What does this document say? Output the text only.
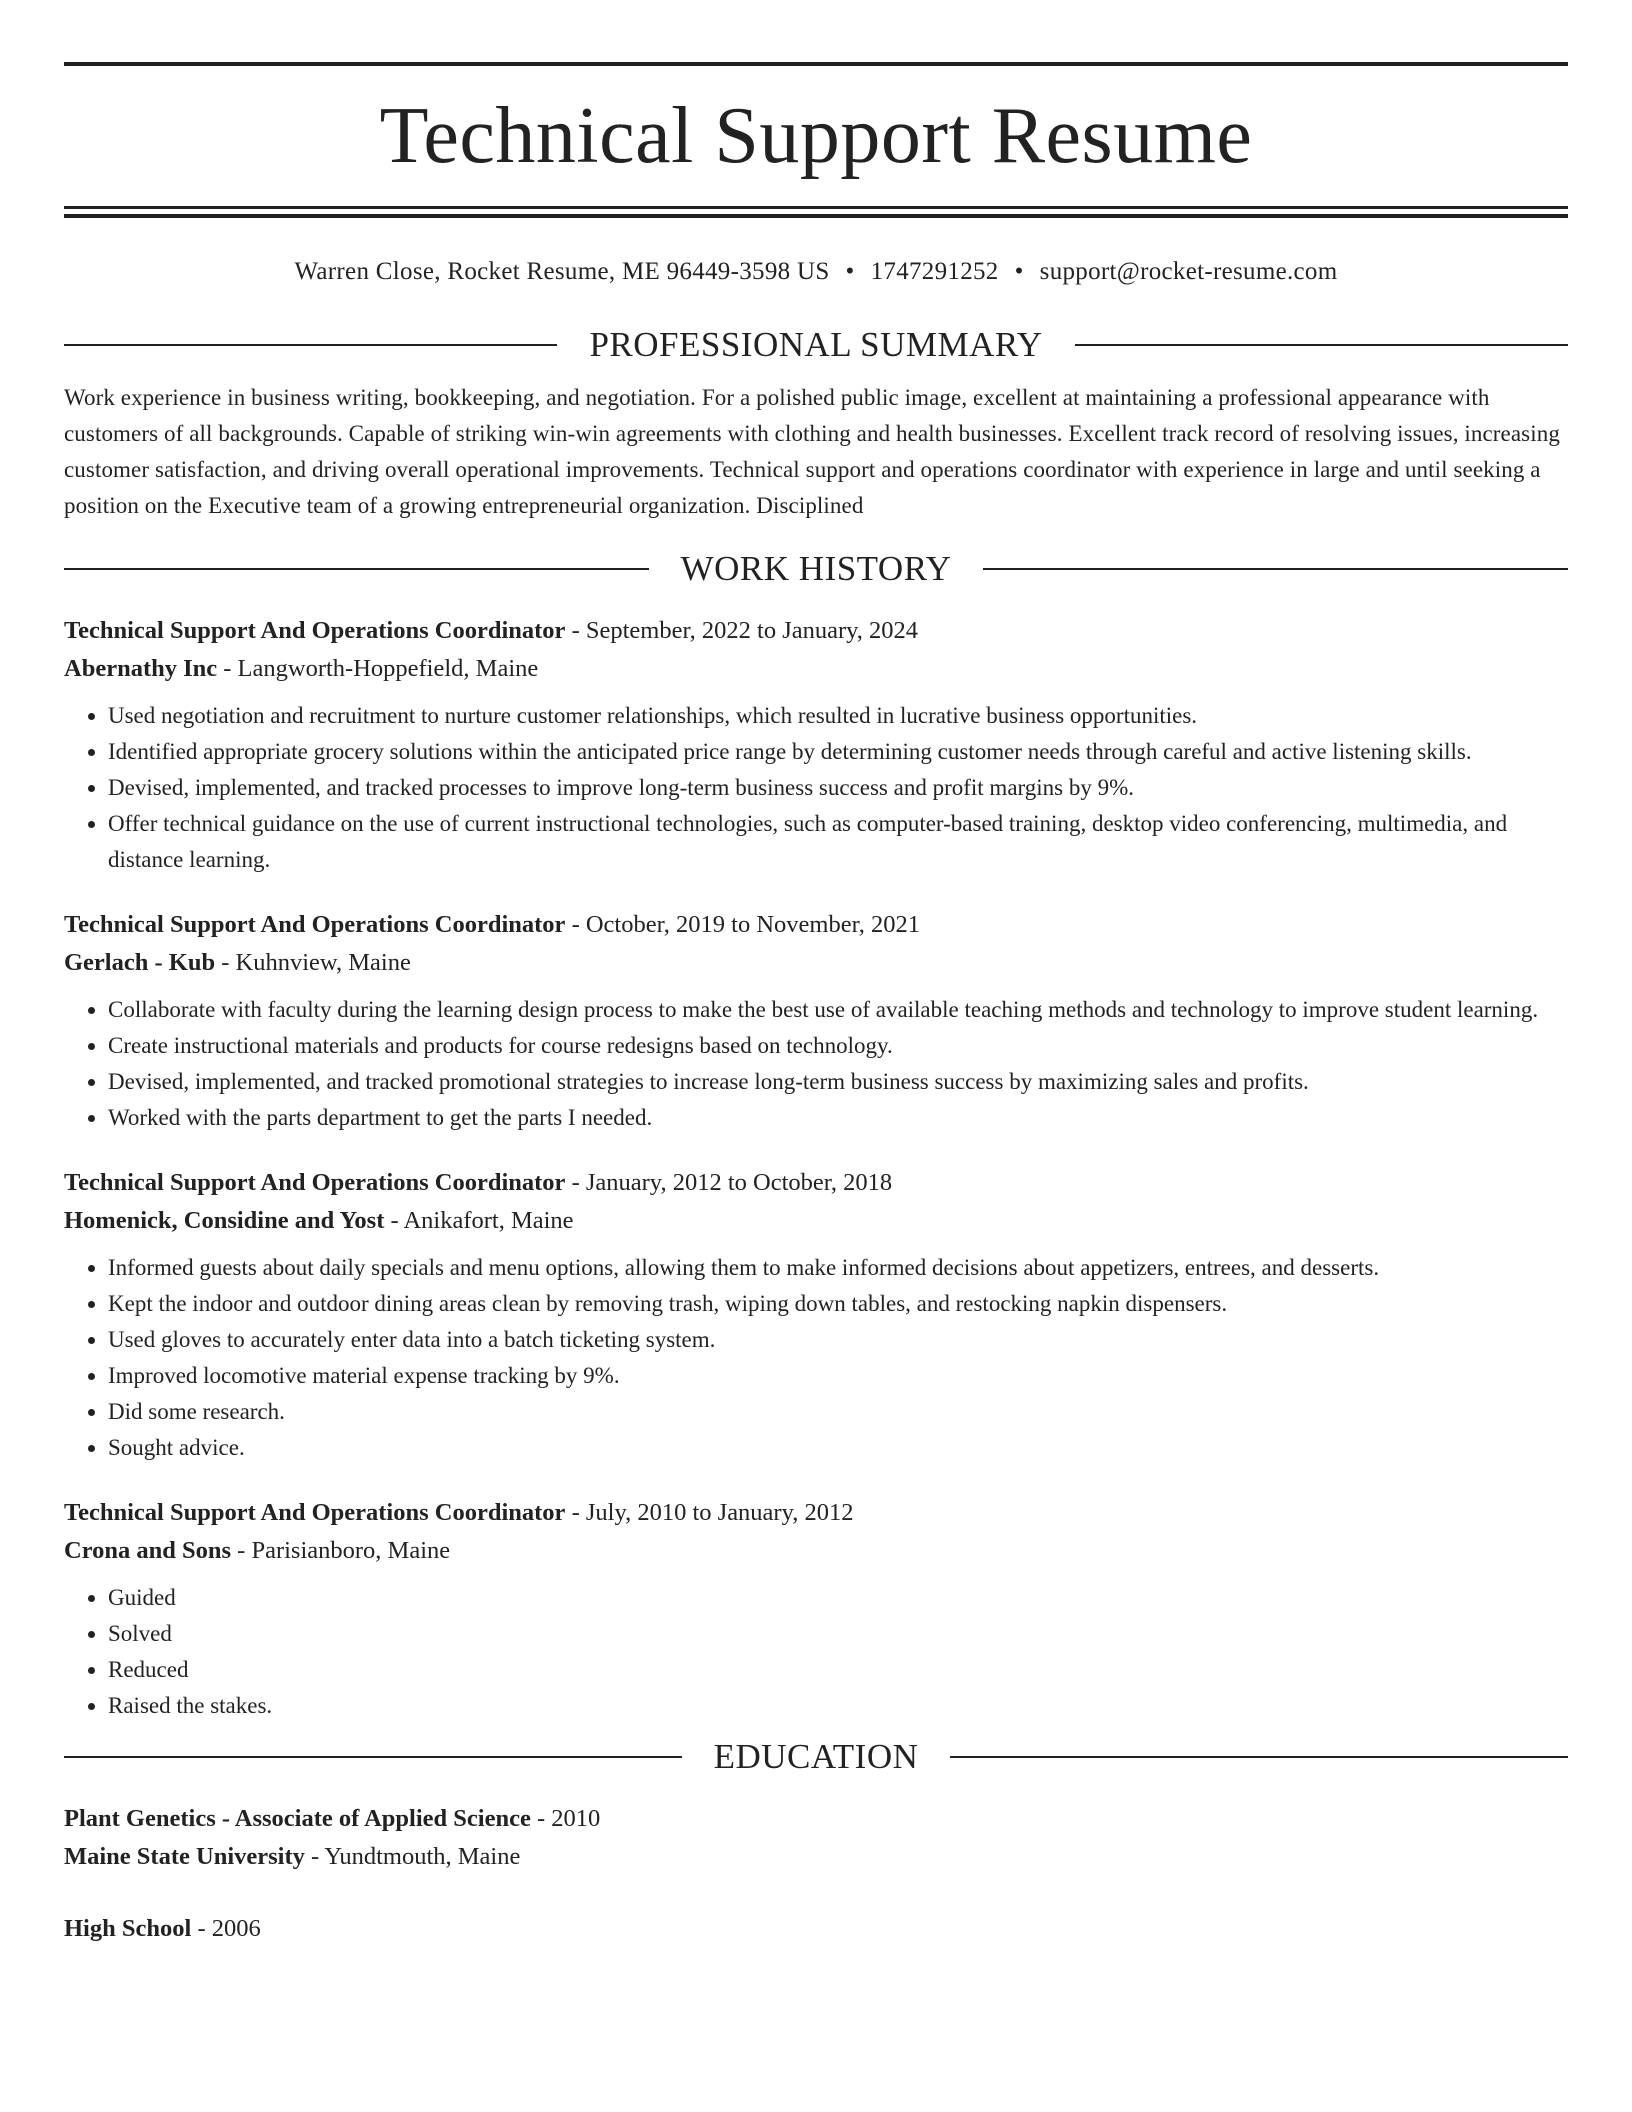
Technical Support Resume
Warren Close, Rocket Resume, ME 96449-3598 US • 1747291252 • support@rocket-resume.com
PROFESSIONAL SUMMARY
Work experience in business writing, bookkeeping, and negotiation. For a polished public image, excellent at maintaining a professional appearance with customers of all backgrounds. Capable of striking win-win agreements with clothing and health businesses. Excellent track record of resolving issues, increasing customer satisfaction, and driving overall operational improvements. Technical support and operations coordinator with experience in large and until seeking a position on the Executive team of a growing entrepreneurial organization. Disciplined
WORK HISTORY
Technical Support And Operations Coordinator - September, 2022 to January, 2024
Abernathy Inc - Langworth-Hoppefield, Maine
• Used negotiation and recruitment to nurture customer relationships, which resulted in lucrative business opportunities.
• Identified appropriate grocery solutions within the anticipated price range by determining customer needs through careful and active listening skills.
• Devised, implemented, and tracked processes to improve long-term business success and profit margins by 9%.
• Offer technical guidance on the use of current instructional technologies, such as computer-based training, desktop video conferencing, multimedia, and distance learning.
Technical Support And Operations Coordinator - October, 2019 to November, 2021
Gerlach - Kub - Kuhnview, Maine
• Collaborate with faculty during the learning design process to make the best use of available teaching methods and technology to improve student learning.
• Create instructional materials and products for course redesigns based on technology.
• Devised, implemented, and tracked promotional strategies to increase long-term business success by maximizing sales and profits.
• Worked with the parts department to get the parts I needed.
Technical Support And Operations Coordinator - January, 2012 to October, 2018
Homenick, Considine and Yost - Anikafort, Maine
• Informed guests about daily specials and menu options, allowing them to make informed decisions about appetizers, entrees, and desserts.
• Kept the indoor and outdoor dining areas clean by removing trash, wiping down tables, and restocking napkin dispensers.
• Used gloves to accurately enter data into a batch ticketing system.
• Improved locomotive material expense tracking by 9%.
• Did some research.
• Sought advice.
Technical Support And Operations Coordinator - July, 2010 to January, 2012
Crona and Sons - Parisianboro, Maine
• Guided
• Solved
• Reduced
• Raised the stakes.
EDUCATION
Plant Genetics - Associate of Applied Science - 2010
Maine State University - Yundtmouth, Maine
High School - 2006
